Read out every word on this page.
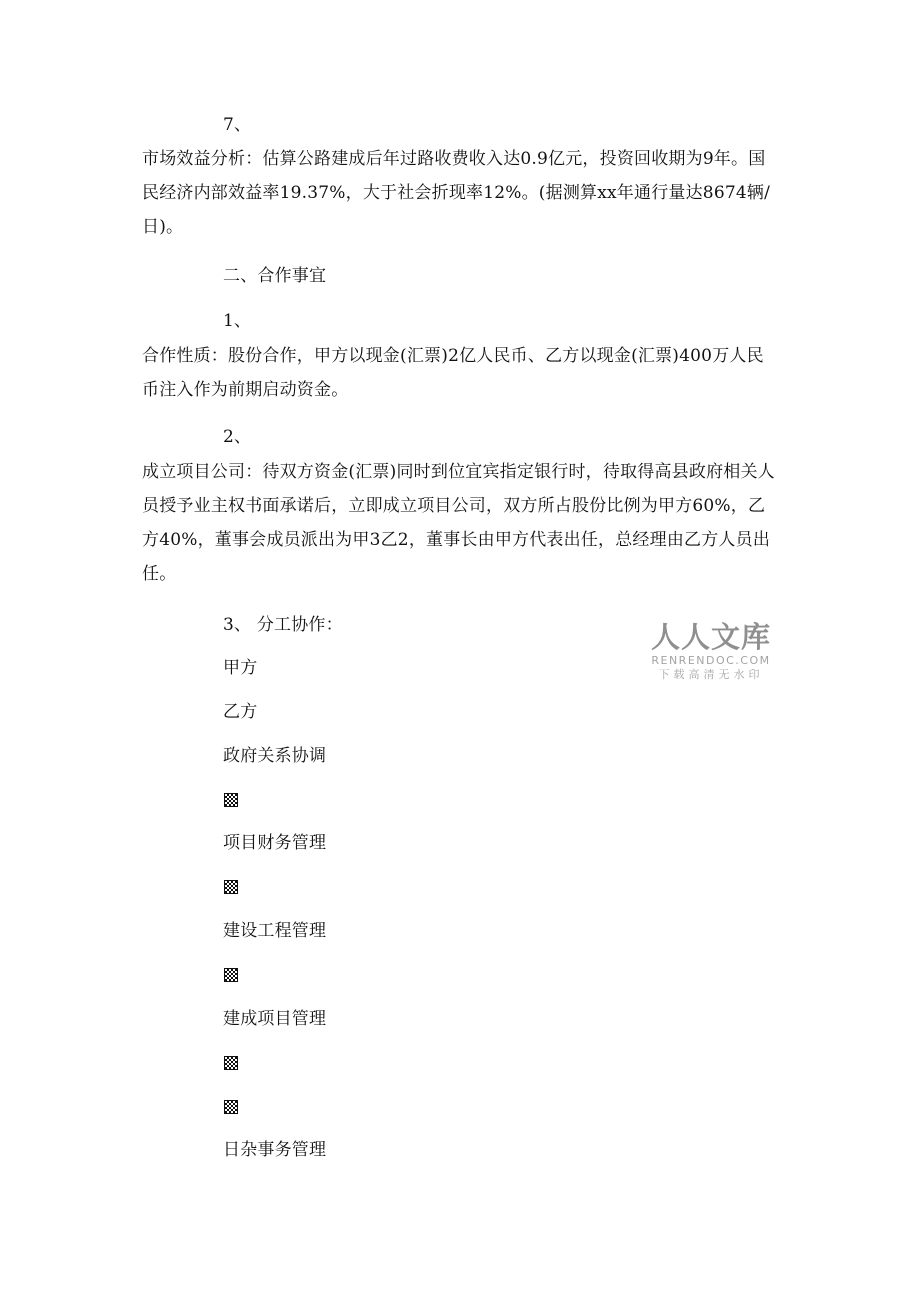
7、
市场效益分析：估算公路建成后年过路收费收入达0.9亿元，投资回收期为9年。国民经济内部效益率19.37%，大于社会折现率12%。(据测算xx年通行量达8674辆/日)。
二、合作事宜
1、
合作性质：股份合作，甲方以现金(汇票)2亿人民币、乙方以现金(汇票)400万人民币注入作为前期启动资金。
2、
成立项目公司：待双方资金(汇票)同时到位宜宾指定银行时，待取得高县政府相关人员授予业主权书面承诺后，立即成立项目公司，双方所占股份比例为甲方60%，乙方40%，董事会成员派出为甲3乙2，董事长由甲方代表出任，总经理由乙方人员出任。
3、 分工协作：
甲方
乙方
政府关系协调
项目财务管理
建设工程管理
建成项目管理
日杂事务管理
人人文库
RENRENDOC.COM
下载高清无水印
